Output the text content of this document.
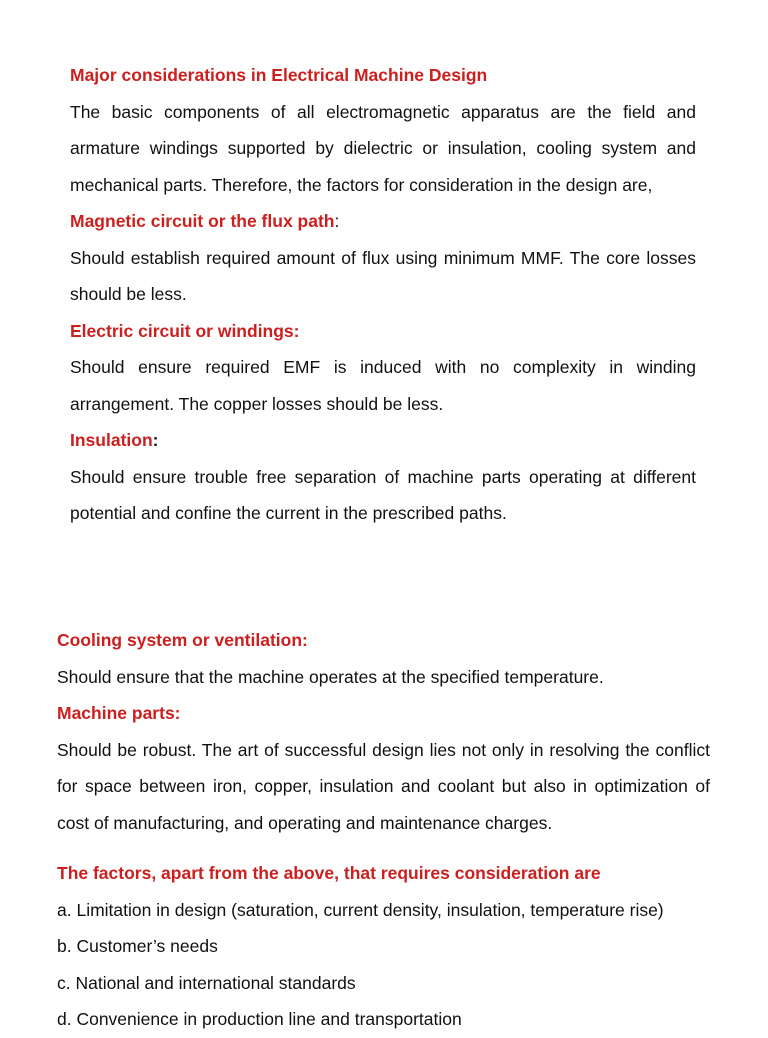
Major considerations in Electrical Machine Design
The basic components of all electromagnetic apparatus are the field and armature windings supported by dielectric or insulation, cooling system and mechanical parts. Therefore, the factors for consideration in the design are,
Magnetic circuit or the flux path:
Should establish required amount of flux using minimum MMF. The core losses should be less.
Electric circuit or windings:
Should ensure required EMF is induced with no complexity in winding arrangement. The copper losses should be less.
Insulation:
Should ensure trouble free separation of machine parts operating at different potential and confine the current in the prescribed paths.
Cooling system or ventilation:
Should ensure that the machine operates at the specified temperature.
Machine parts:
Should be robust. The art of successful design lies not only in resolving the conflict for space between iron, copper, insulation and coolant but also in optimization of cost of manufacturing, and operating and maintenance charges.
The factors, apart from the above, that requires consideration are
a. Limitation in design (saturation, current density, insulation, temperature rise)
b. Customer’s needs
c. National and international standards
d. Convenience in production line and transportation
